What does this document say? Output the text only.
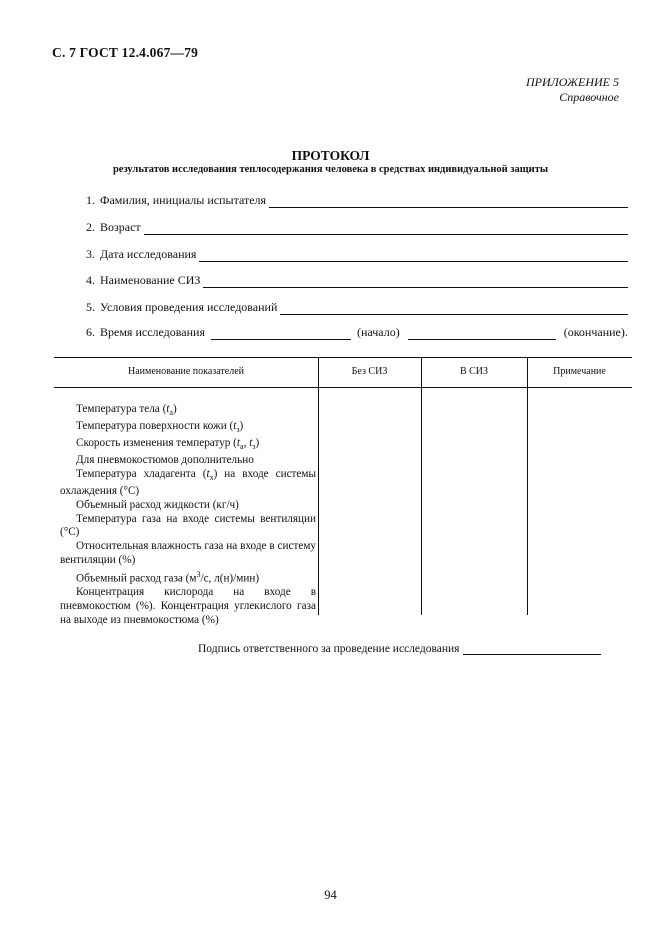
С. 7 ГОСТ 12.4.067—79
ПРИЛОЖЕНИЕ 5
Справочное
ПРОТОКОЛ
результатов исследования теплосодержания человека в средствах индивидуальной защиты
1. Фамилия, инициалы испытателя
2. Возраст
3. Дата исследования
4. Наименование СИЗ
5. Условия проведения исследований
6. Время исследования	(начало)	(окончание).
Наименование показателей	Без СИЗ	В СИЗ	Примечание
Температура тела $(t_а)$
Температура поверхности кожи $(t_з)$
Скорость изменения температур ($t_а$, $t_з$)
Для пневмокостюмов дополнительно
Температура хладагента $(t_х)$ на входе системы охлаждения (°С)
Объемный расход жидкости (кг/ч)
Температура газа на входе системы вентиляции (°С)
Относительная влажность газа на входе в систему вентиляции (%)
Объемный расход газа ($м^3/с$, л(н)/мин)
Концентрация кислорода на входе в пневмокостюм (%). Концентрация углекислого газа на выходе из пневмокостюма (%)
Подпись ответственного за проведение исследования
94
